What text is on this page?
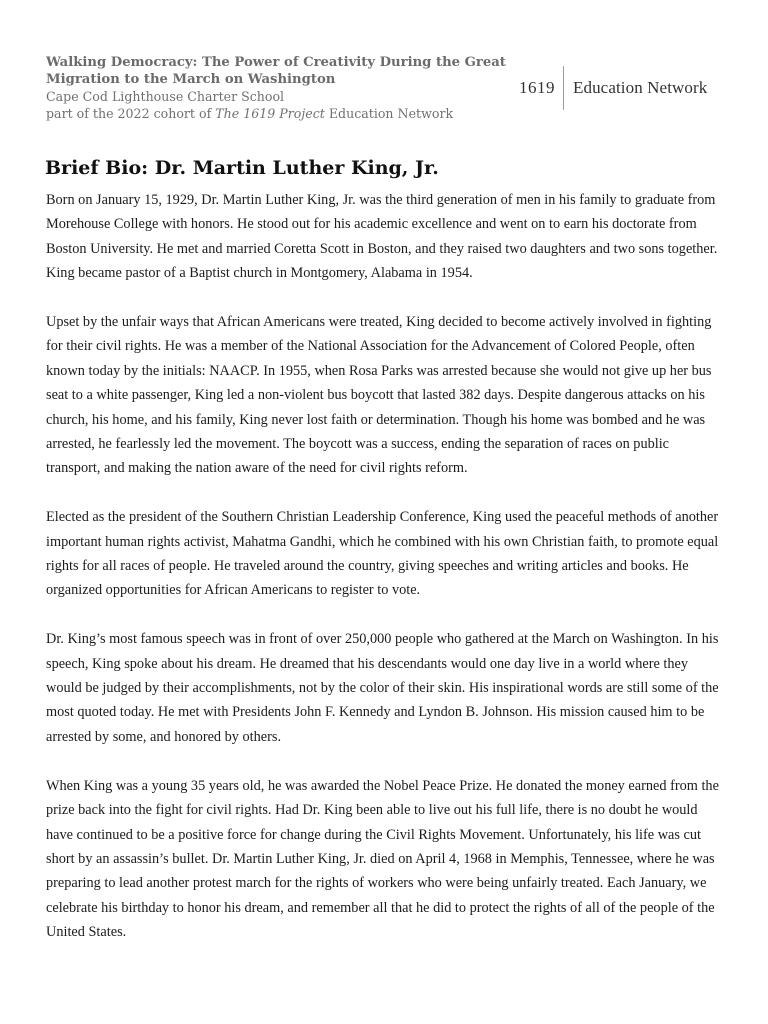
Walking Democracy: The Power of Creativity During the Great
Migration to the March on Washington
Cape Cod Lighthouse Charter School
part of the 2022 cohort of The 1619 Project Education Network
1619 Education Network
Brief Bio: Dr. Martin Luther King, Jr.

Born on January 15, 1929, Dr. Martin Luther King, Jr. was the third generation of men in his family to graduate from Morehouse College with honors. He stood out for his academic excellence and went on to earn his doctorate from Boston University. He met and married Coretta Scott in Boston, and they raised two daughters and two sons together. King became pastor of a Baptist church in Montgomery, Alabama in 1954.

Upset by the unfair ways that African Americans were treated, King decided to become actively involved in fighting for their civil rights. He was a member of the National Association for the Advancement of Colored People, often known today by the initials: NAACP. In 1955, when Rosa Parks was arrested because she would not give up her bus seat to a white passenger, King led a non-violent bus boycott that lasted 382 days. Despite dangerous attacks on his church, his home, and his family, King never lost faith or determination. Though his home was bombed and he was arrested, he fearlessly led the movement. The boycott was a success, ending the separation of races on public transport, and making the nation aware of the need for civil rights reform.

Elected as the president of the Southern Christian Leadership Conference, King used the peaceful methods of another important human rights activist, Mahatma Gandhi, which he combined with his own Christian faith, to promote equal rights for all races of people. He traveled around the country, giving speeches and writing articles and books. He organized opportunities for African Americans to register to vote.

Dr. King’s most famous speech was in front of over 250,000 people who gathered at the March on Washington. In his speech, King spoke about his dream. He dreamed that his descendants would one day live in a world where they would be judged by their accomplishments, not by the color of their skin. His inspirational words are still some of the most quoted today. He met with Presidents John F. Kennedy and Lyndon B. Johnson. His mission caused him to be arrested by some, and honored by others.

When King was a young 35 years old, he was awarded the Nobel Peace Prize. He donated the money earned from the prize back into the fight for civil rights. Had Dr. King been able to live out his full life, there is no doubt he would have continued to be a positive force for change during the Civil Rights Movement. Unfortunately, his life was cut short by an assassin’s bullet. Dr. Martin Luther King, Jr. died on April 4, 1968 in Memphis, Tennessee, where he was preparing to lead another protest march for the rights of workers who were being unfairly treated. Each January, we celebrate his birthday to honor his dream, and remember all that he did to protect the rights of all of the people of the United States.
